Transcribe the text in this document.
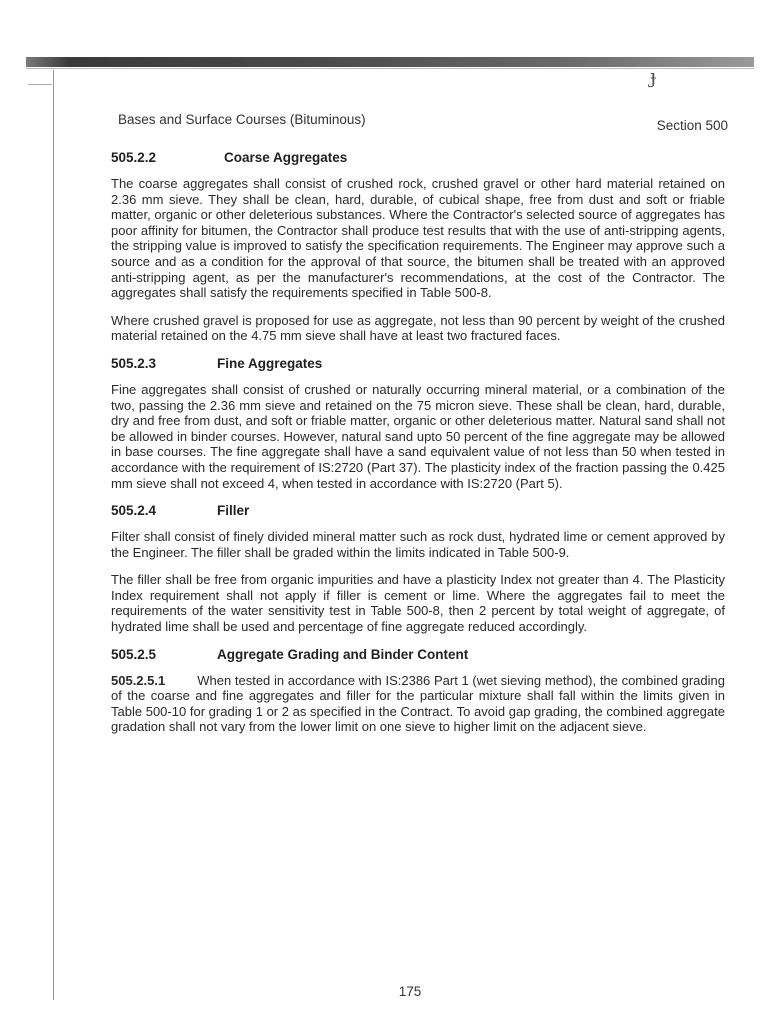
ɟ
Bases and Surface Courses (Bituminous)	Section 500
505.2.2	Coarse Aggregates

The coarse aggregates shall consist of crushed rock, crushed gravel or other hard material retained on 2.36 mm sieve. They shall be clean, hard, durable, of cubical shape, free from dust and soft or friable matter, organic or other deleterious substances. Where the Contractor's selected source of aggregates has poor affinity for bitumen, the Contractor shall produce test results that with the use of anti-stripping agents, the stripping value is improved to satisfy the specification requirements. The Engineer may approve such a source and as a condition for the approval of that source, the bitumen shall be treated with an approved anti-stripping agent, as per the manufacturer's recommendations, at the cost of the Contractor. The aggregates shall satisfy the requirements specified in Table 500-8.

Where crushed gravel is proposed for use as aggregate, not less than 90 percent by weight of the crushed material retained on the 4.75 mm sieve shall have at least two fractured faces.

505.2.3	Fine Aggregates

Fine aggregates shall consist of crushed or naturally occurring mineral material, or a combination of the two, passing the 2.36 mm sieve and retained on the 75 micron sieve. These shall be clean, hard, durable, dry and free from dust, and soft or friable matter, organic or other deleterious matter. Natural sand shall not be allowed in binder courses. However, natural sand upto 50 percent of the fine aggregate may be allowed in base courses. The fine aggregate shall have a sand equivalent value of not less than 50 when tested in accordance with the requirement of IS:2720 (Part 37). The plasticity index of the fraction passing the 0.425 mm sieve shall not exceed 4, when tested in accordance with IS:2720 (Part 5).

505.2.4	Filler

Filter shall consist of finely divided mineral matter such as rock dust, hydrated lime or cement approved by the Engineer. The filler shall be graded within the limits indicated in Table 500-9.

The filler shall be free from organic impurities and have a plasticity Index not greater than 4. The Plasticity Index requirement shall not apply if filler is cement or lime. Where the aggregates fail to meet the requirements of the water sensitivity test in Table 500-8, then 2 percent by total weight of aggregate, of hydrated lime shall be used and percentage of fine aggregate reduced accordingly.

505.2.5	Aggregate Grading and Binder Content

505.2.5.1 When tested in accordance with IS:2386 Part 1 (wet sieving method), the combined grading of the coarse and fine aggregates and filler for the particular mixture shall fall within the limits given in Table 500-10 for grading 1 or 2 as specified in the Contract. To avoid gap grading, the combined aggregate gradation shall not vary from the lower limit on one sieve to higher limit on the adjacent sieve.

175
